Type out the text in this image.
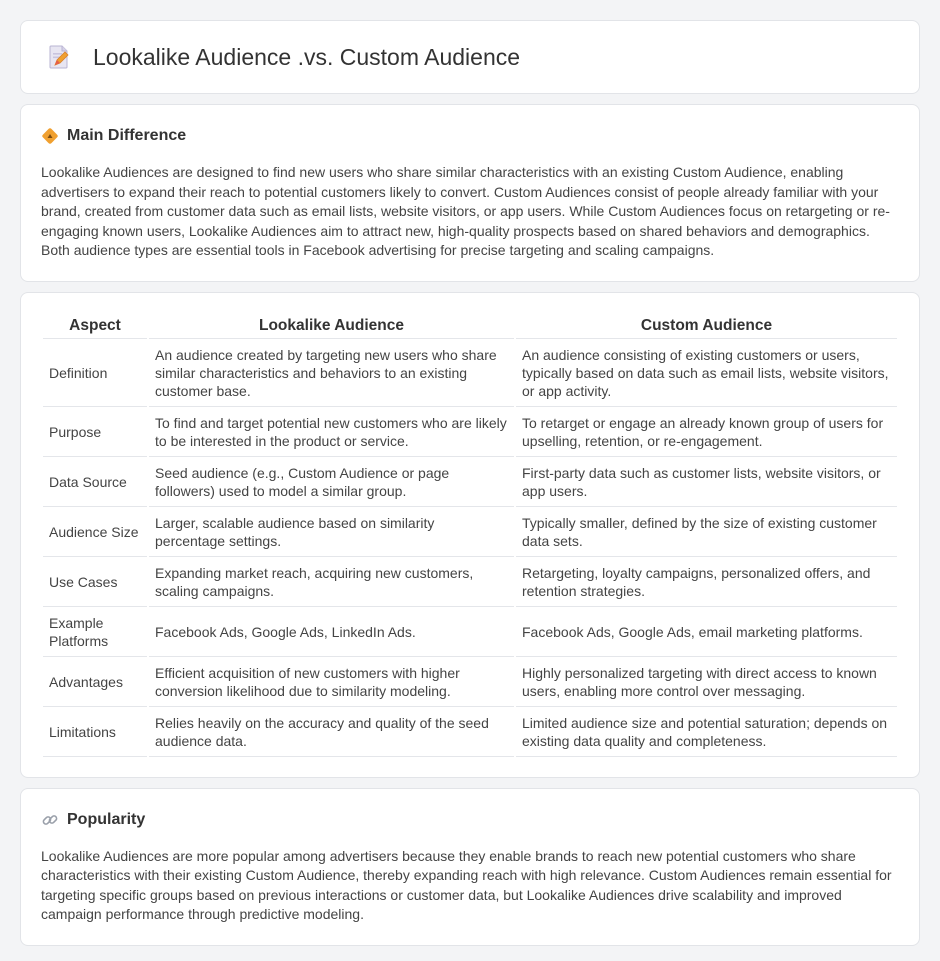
Lookalike Audience .vs. Custom Audience
Main Difference

Lookalike Audiences are designed to find new users who share similar characteristics with an existing Custom Audience, enabling advertisers to expand their reach to potential customers likely to convert. Custom Audiences consist of people already familiar with your brand, created from customer data such as email lists, website visitors, or app users. While Custom Audiences focus on retargeting or re-engaging known users, Lookalike Audiences aim to attract new, high-quality prospects based on shared behaviors and demographics. Both audience types are essential tools in Facebook advertising for precise targeting and scaling campaigns.

Aspect	Lookalike Audience	Custom Audience
Definition	An audience created by targeting new users who share similar characteristics and behaviors to an existing customer base.	An audience consisting of existing customers or users, typically based on data such as email lists, website visitors, or app activity.
Purpose	To find and target potential new customers who are likely to be interested in the product or service.	To retarget or engage an already known group of users for upselling, retention, or re-engagement.
Data Source	Seed audience (e.g., Custom Audience or page followers) used to model a similar group.	First-party data such as customer lists, website visitors, or app users.
Audience Size	Larger, scalable audience based on similarity percentage settings.	Typically smaller, defined by the size of existing customer data sets.
Use Cases	Expanding market reach, acquiring new customers, scaling campaigns.	Retargeting, loyalty campaigns, personalized offers, and retention strategies.
Example Platforms	Facebook Ads, Google Ads, LinkedIn Ads.	Facebook Ads, Google Ads, email marketing platforms.
Advantages	Efficient acquisition of new customers with higher conversion likelihood due to similarity modeling.	Highly personalized targeting with direct access to known users, enabling more control over messaging.
Limitations	Relies heavily on the accuracy and quality of the seed audience data.	Limited audience size and potential saturation; depends on existing data quality and completeness.
Popularity

Lookalike Audiences are more popular among advertisers because they enable brands to reach new potential customers who share characteristics with their existing Custom Audience, thereby expanding reach with high relevance. Custom Audiences remain essential for targeting specific groups based on previous interactions or customer data, but Lookalike Audiences drive scalability and improved campaign performance through predictive modeling.
